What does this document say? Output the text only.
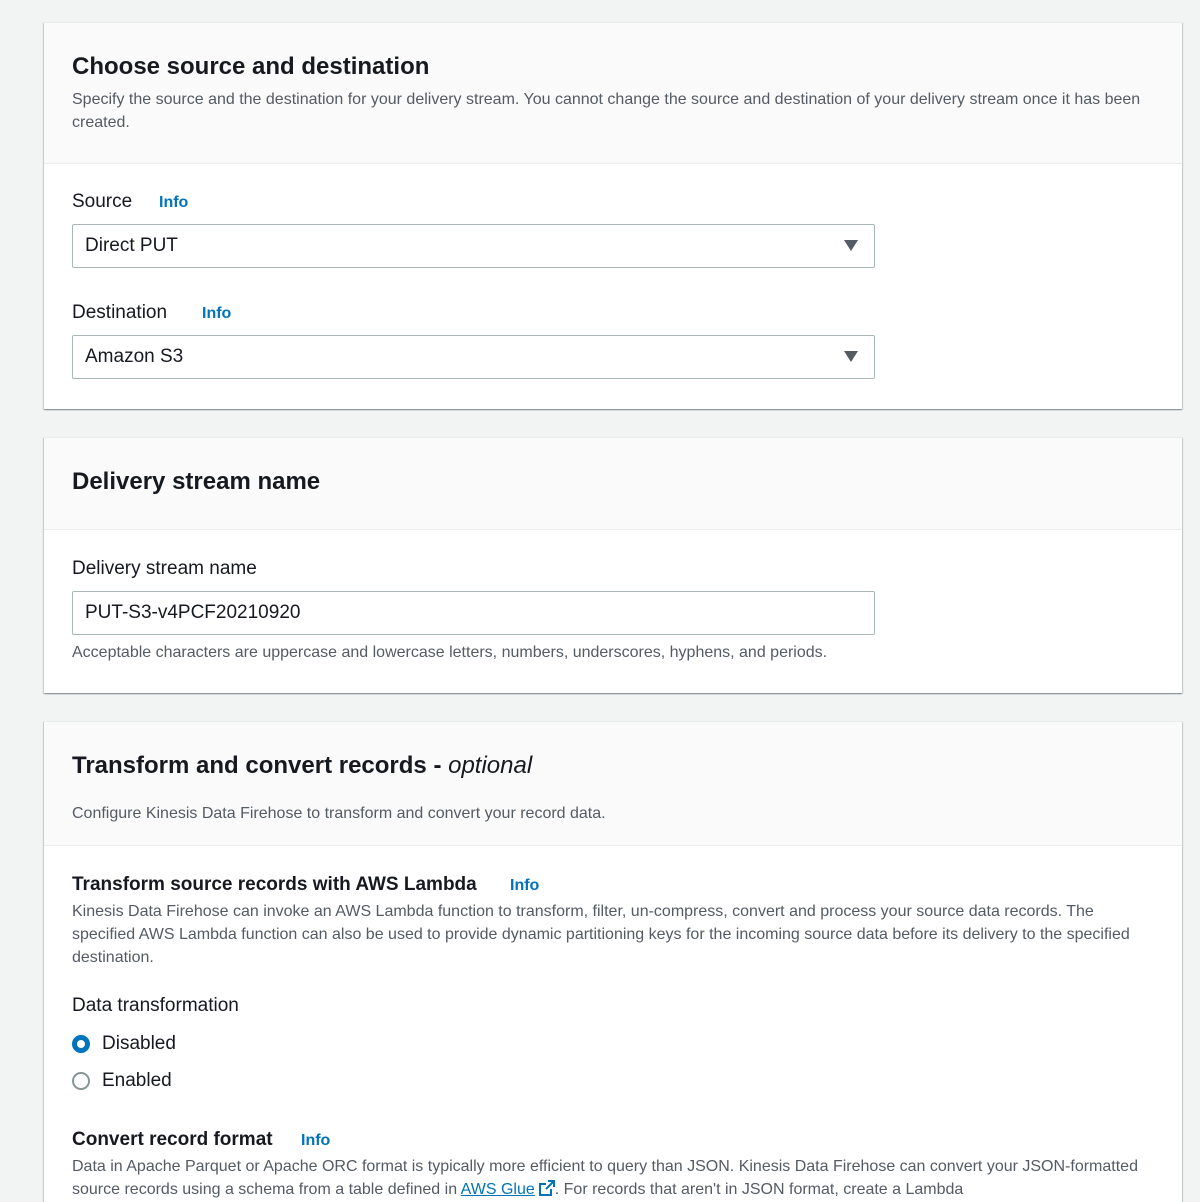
Choose source and destination
Specify the source and the destination for your delivery stream. You cannot change the source and destination of your delivery stream once it has been created.
Source Info
Direct PUT
Destination Info
Amazon S3
Delivery stream name
Delivery stream name
PUT-S3-v4PCF20210920
Acceptable characters are uppercase and lowercase letters, numbers, underscores, hyphens, and periods.
Transform and convert records - optional
Configure Kinesis Data Firehose to transform and convert your record data.
Transform source records with AWS Lambda Info
Kinesis Data Firehose can invoke an AWS Lambda function to transform, filter, un-compress, convert and process your source data records. The specified AWS Lambda function can also be used to provide dynamic partitioning keys for the incoming source data before its delivery to the specified destination.
Data transformation
Disabled
Enabled
Convert record format Info
Data in Apache Parquet or Apache ORC format is typically more efficient to query than JSON. Kinesis Data Firehose can convert your JSON-formatted source records using a schema from a table defined in AWS Glue . For records that aren't in JSON format, create a Lambda
